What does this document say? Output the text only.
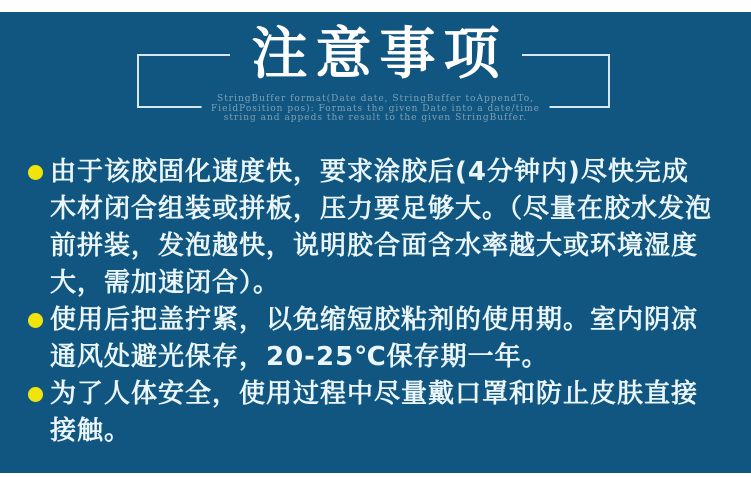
注意事项
StringBuffer format(Date date, StringBuffer toAppendTo,
FieldPosition pos): Formats the given Date into a date/time
string and appeds the result to the given StringBuffer.
由于该胶固化速度快，要求涂胶后(4分钟内)尽快完成木材闭合组装或拼板，压力要足够大。（尽量在胶水发泡前拼装，发泡越快，说明胶合面含水率越大或环境湿度大，需加速闭合）。
使用后把盖拧紧，以免缩短胶粘剂的使用期。室内阴凉通风处避光保存，20-25℃保存期一年。
为了人体安全，使用过程中尽量戴口罩和防止皮肤直接接触。
